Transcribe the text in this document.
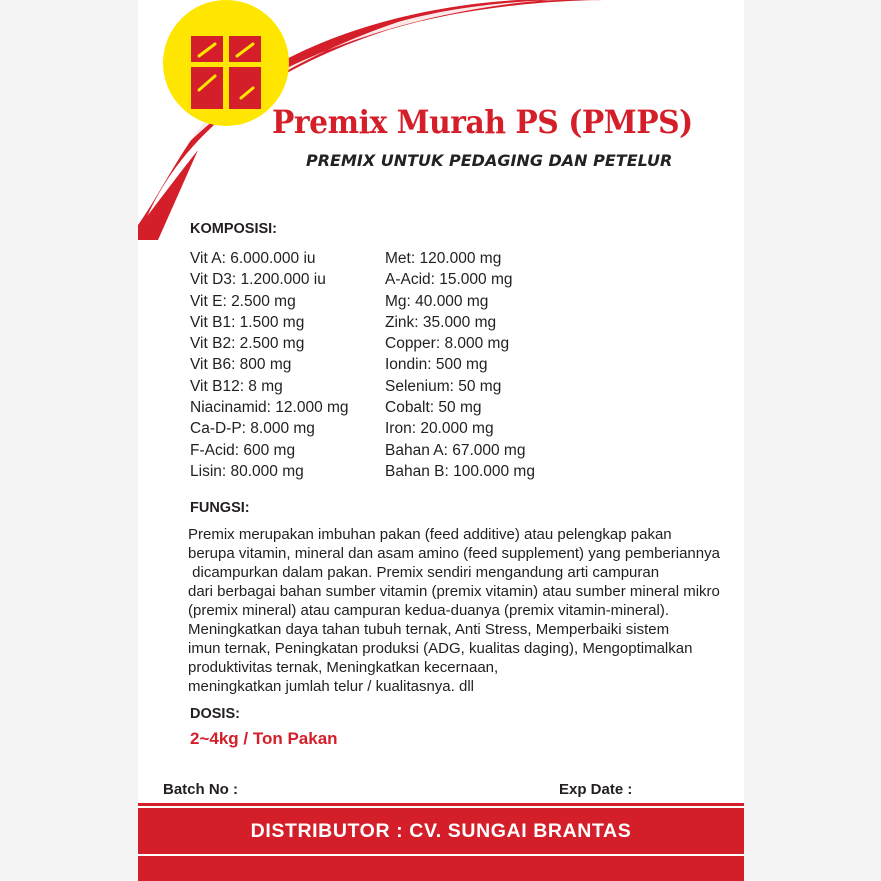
Premix Murah PS (PMPS)
PREMIX UNTUK PEDAGING DAN PETELUR
KOMPOSISI:
Vit A: 6.000.000 iu
Vit D3: 1.200.000 iu
Vit E: 2.500 mg
Vit B1: 1.500 mg
Vit B2: 2.500 mg
Vit B6: 800 mg
Vit B12: 8 mg
Niacinamid: 12.000 mg
Ca-D-P: 8.000 mg
F-Acid: 600 mg
Lisin: 80.000 mg
Met: 120.000 mg
A-Acid: 15.000 mg
Mg: 40.000 mg
Zink: 35.000 mg
Copper: 8.000 mg
Iondin: 500 mg
Selenium: 50 mg
Cobalt: 50 mg
Iron: 20.000 mg
Bahan A: 67.000 mg
Bahan B: 100.000 mg
FUNGSI:
Premix merupakan imbuhan pakan (feed additive) atau pelengkap pakan
berupa vitamin, mineral dan asam amino (feed supplement) yang pemberiannya
dicampurkan dalam pakan. Premix sendiri mengandung arti campuran
dari berbagai bahan sumber vitamin (premix vitamin) atau sumber mineral mikro
(premix mineral) atau campuran kedua-duanya (premix vitamin-mineral).
Meningkatkan daya tahan tubuh ternak, Anti Stress, Memperbaiki sistem
imun ternak, Peningkatan produksi (ADG, kualitas daging), Mengoptimalkan
produktivitas ternak, Meningkatkan kecernaan,
meningkatkan jumlah telur / kualitasnya. dll
DOSIS:
2~4kg / Ton Pakan
Batch No :	Exp Date :
DISTRIBUTOR : CV. SUNGAI BRANTAS
